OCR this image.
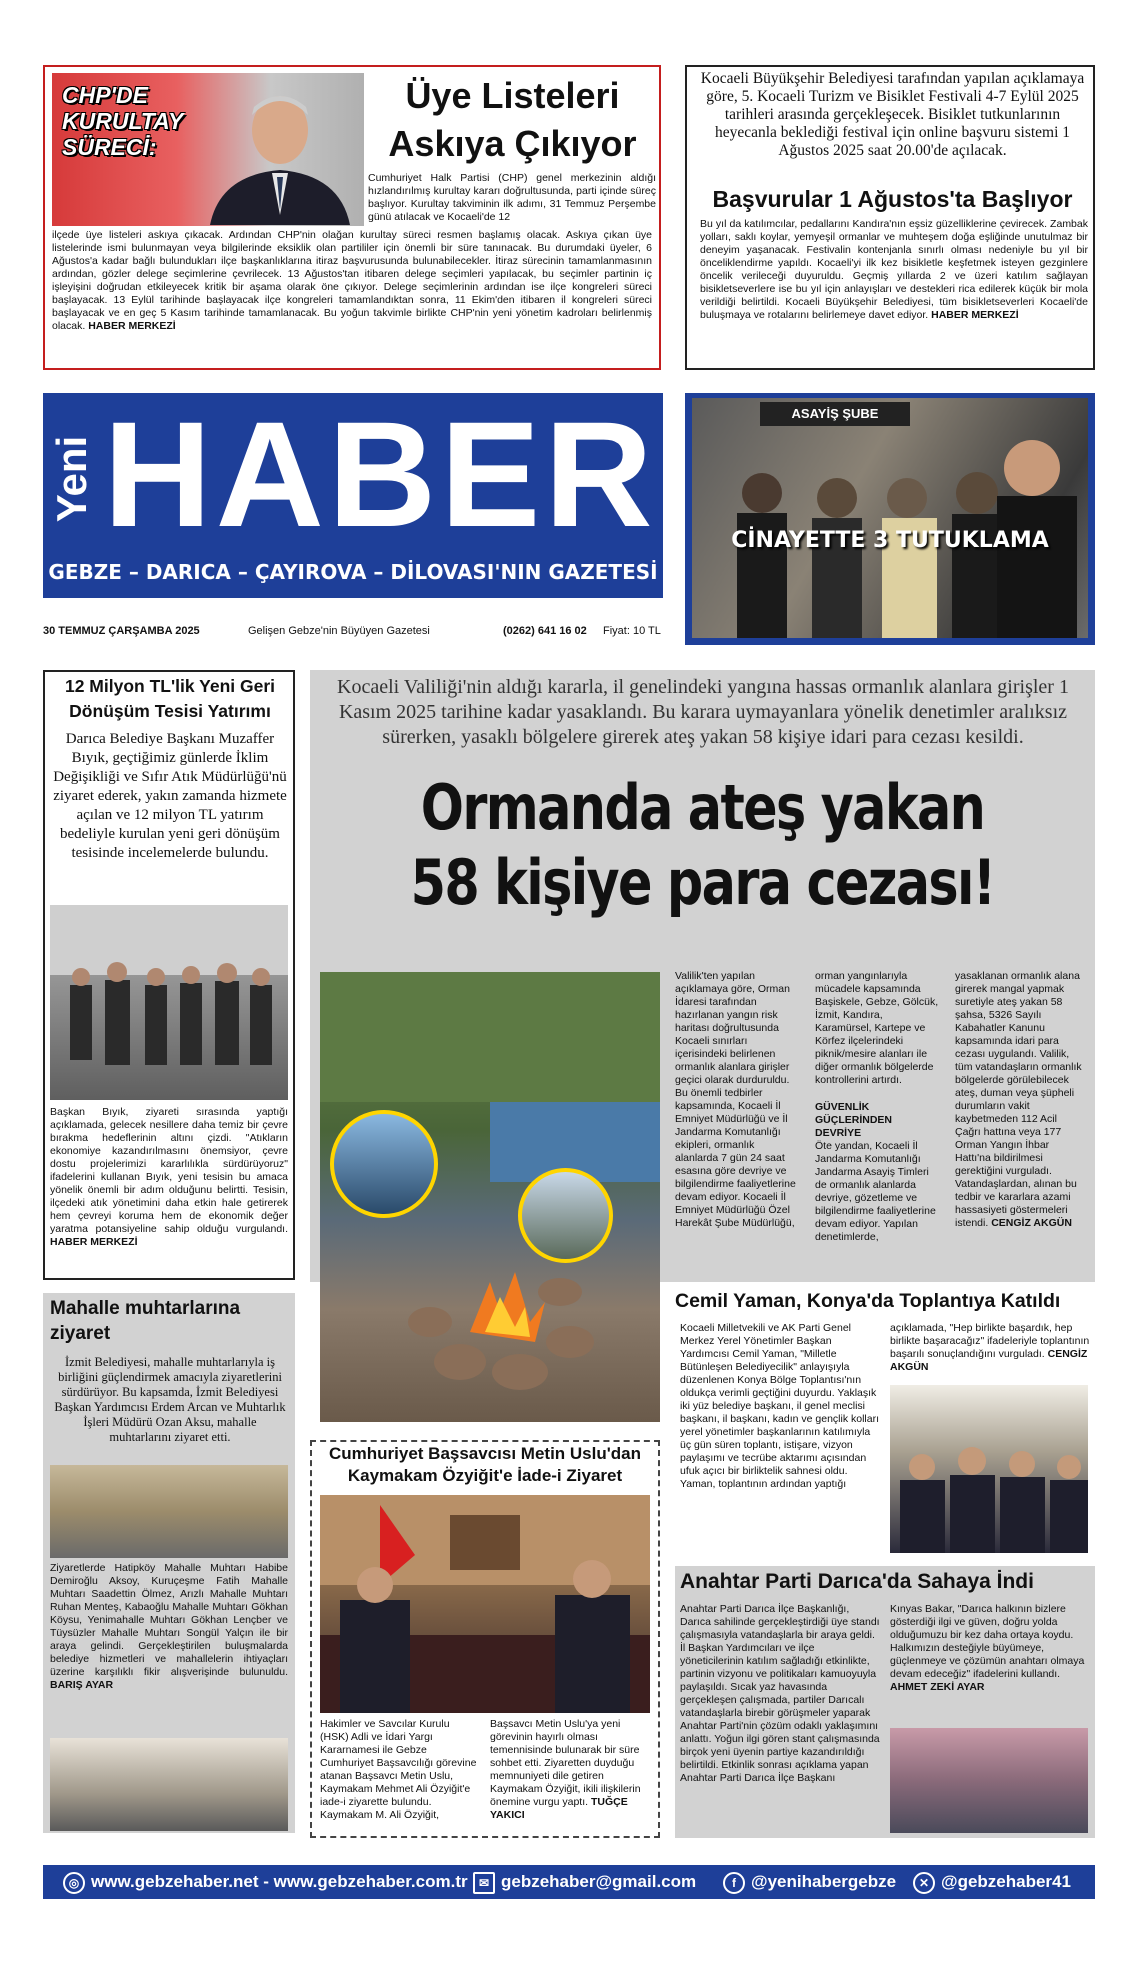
CHP'DE
KURULTAY
SÜRECİ:
Üye Listeleri
Askıya Çıkıyor

Cumhuriyet Halk Partisi (CHP) genel merkezinin aldığı hızlandırılmış kurultay kararı doğrultusunda, parti içinde süreç başlıyor. Kurultay takviminin ilk adımı, 31 Temmuz Perşembe günü atılacak ve Kocaeli'de 12

ilçede üye listeleri askıya çıkacak. Ardından CHP'nin olağan kurultay süreci resmen başlamış olacak. Askıya çıkan üye listelerinde ismi bulunmayan veya bilgilerinde eksiklik olan partililer için önemli bir süre tanınacak. Bu durumdaki üyeler, 6 Ağustos'a kadar bağlı bulundukları ilçe başkanlıklarına itiraz başvurusunda bulunabilecekler. İtiraz sürecinin tamamlanmasının ardından, gözler delege seçimlerine çevrilecek. 13 Ağustos'tan itibaren delege seçimleri yapılacak, bu seçimler partinin iç işleyişini doğrudan etkileyecek kritik bir aşama olarak öne çıkıyor. Delege seçimlerinin ardından ise ilçe kongreleri süreci başlayacak. 13 Eylül tarihinde başlayacak ilçe kongreleri tamamlandıktan sonra, 11 Ekim'den itibaren il kongreleri süreci başlayacak ve en geç 5 Kasım tarihinde tamamlanacak. Bu yoğun takvimle birlikte CHP'nin yeni yönetim kadroları belirlenmiş olacak. HABER MERKEZİ

Kocaeli Büyükşehir Belediyesi tarafından yapılan açıklamaya göre, 5. Kocaeli Turizm ve Bisiklet Festivali 4-7 Eylül 2025 tarihleri arasında gerçekleşecek. Bisiklet tutkunlarının heyecanla beklediği festival için online başvuru sistemi 1 Ağustos 2025 saat 20.00'de açılacak.

Başvurular 1 Ağustos'ta Başlıyor

Bu yıl da katılımcılar, pedallarını Kandıra'nın eşsiz güzelliklerine çevirecek. Zambak yolları, saklı koylar, yemyeşil ormanlar ve muhteşem doğa eşliğinde unutulmaz bir deneyim yaşanacak. Festivalin kontenjanla sınırlı olması nedeniyle bu yıl bir önceliklendirme yapıldı. Kocaeli'yi ilk kez bisikletle keşfetmek isteyen gezginlere öncelik verileceği duyuruldu. Geçmiş yıllarda 2 ve üzeri katılım sağlayan bisikletseverlere ise bu yıl için anlayışları ve destekleri rica edilerek küçük bir mola verildiği belirtildi. Kocaeli Büyükşehir Belediyesi, tüm bisikletseverleri Kocaeli'de buluşmaya ve rotalarını belirlemeye davet ediyor. HABER MERKEZİ

Yeni HABER
GEBZE – DARICA – ÇAYIROVA – DİLOVASI'NIN GAZETESİ
30 TEMMUZ ÇARŞAMBA 2025	Gelişen Gebze'nin Büyüyen Gazetesi	(0262) 641 16 02 Fiyat: 10 TL
ASAYİŞ ŞUBE
CİNAYETTE 3 TUTUKLAMA
12 Milyon TL'lik Yeni Geri Dönüşüm Tesisi Yatırımı

Darıca Belediye Başkanı Muzaffer Bıyık, geçtiğimiz günlerde İklim Değişikliği ve Sıfır Atık Müdürlüğü'nü ziyaret ederek, yakın zamanda hizmete açılan ve 12 milyon TL yatırım bedeliyle kurulan yeni geri dönüşüm tesisinde incelemelerde bulundu.

Başkan Bıyık, ziyareti sırasında yaptığı açıklamada, gelecek nesillere daha temiz bir çevre bırakma hedeflerinin altını çizdi. "Atıkların ekonomiye kazandırılmasını önemsiyor, çevre dostu projelerimizi kararlılıkla sürdürüyoruz" ifadelerini kullanan Bıyık, yeni tesisin bu amaca yönelik önemli bir adım olduğunu belirtti. Tesisin, ilçedeki atık yönetimini daha etkin hale getirerek hem çevreyi koruma hem de ekonomik değer yaratma potansiyeline sahip olduğu vurgulandı. HABER MERKEZİ

Mahalle muhtarlarına ziyaret

İzmit Belediyesi, mahalle muhtarlarıyla iş birliğini güçlendirmek amacıyla ziyaretlerini sürdürüyor. Bu kapsamda, İzmit Belediyesi Başkan Yardımcısı Erdem Arcan ve Muhtarlık İşleri Müdürü Ozan Aksu, mahalle muhtarlarını ziyaret etti.

Ziyaretlerde Hatipköy Mahalle Muhtarı Habibe Demiroğlu Aksoy, Kuruçeşme Fatih Mahalle Muhtarı Saadettin Ölmez, Arızlı Mahalle Muhtarı Ruhan Menteş, Kabaoğlu Mahalle Muhtarı Gökhan Köysu, Yenimahalle Muhtarı Gökhan Lençber ve Tüysüzler Mahalle Muhtarı Songül Yalçın ile bir araya gelindi. Gerçekleştirilen buluşmalarda belediye hizmetleri ve mahallelerin ihtiyaçları üzerine karşılıklı fikir alışverişinde bulunuldu. BARIŞ AYAR

Kocaeli Valiliği'nin aldığı kararla, il genelindeki yangına hassas ormanlık alanlara girişler 1 Kasım 2025 tarihine kadar yasaklandı. Bu karara uymayanlara yönelik denetimler aralıksız sürerken, yasaklı bölgelere girerek ateş yakan 58 kişiye idari para cezası kesildi.

Ormanda ateş yakan
58 kişiye para cezası!

Valilik'ten yapılan açıklamaya göre, Orman İdaresi tarafından hazırlanan yangın risk haritası doğrultusunda Kocaeli sınırları içerisindeki belirlenen ormanlık alanlara girişler geçici olarak durduruldu. Bu önemli tedbirler kapsamında, Kocaeli İl Emniyet Müdürlüğü ve İl Jandarma Komutanlığı ekipleri, ormanlık alanlarda 7 gün 24 saat esasına göre devriye ve bilgilendirme faaliyetlerine devam ediyor. Kocaeli İl Emniyet Müdürlüğü Özel Harekât Şube Müdürlüğü,

orman yangınlarıyla mücadele kapsamında Başiskele, Gebze, Gölcük, İzmit, Kandıra, Karamürsel, Kartepe ve Körfez ilçelerindeki piknik/mesire alanları ile diğer ormanlık bölgelerde kontrollerini artırdı.

GÜVENLİK GÜÇLERİNDEN DEVRİYE

Öte yandan, Kocaeli İl Jandarma Komutanlığı Jandarma Asayiş Timleri de ormanlık alanlarda devriye, gözetleme ve bilgilendirme faaliyetlerine devam ediyor. Yapılan denetimlerde,

yasaklanan ormanlık alana girerek mangal yapmak suretiyle ateş yakan 58 şahsa, 5326 Sayılı Kabahatler Kanunu kapsamında idari para cezası uygulandı. Valilik, tüm vatandaşların ormanlık bölgelerde görülebilecek ateş, duman veya şüpheli durumların vakit kaybetmeden 112 Acil Çağrı hattına veya 177 Orman Yangın İhbar Hattı'na bildirilmesi gerektiğini vurguladı. Vatandaşlardan, alınan bu tedbir ve kararlara azami hassasiyeti göstermeleri istendi. CENGİZ AKGÜN

Cemil Yaman, Konya'da Toplantıya Katıldı

Kocaeli Milletvekili ve AK Parti Genel Merkez Yerel Yönetimler Başkan Yardımcısı Cemil Yaman, "Milletle Bütünleşen Belediyecilik" anlayışıyla düzenlenen Konya Bölge Toplantısı'nın oldukça verimli geçtiğini duyurdu. Yaklaşık iki yüz belediye başkanı, il genel meclisi başkanı, il başkanı, kadın ve gençlik kolları yerel yönetimler başkanlarının katılımıyla üç gün süren toplantı, istişare, vizyon paylaşımı ve tecrübe aktarımı açısından ufuk açıcı bir birliktelik sahnesi oldu. Yaman, toplantının ardından yaptığı

açıklamada, "Hep birlikte başardık, hep birlikte başaracağız" ifadeleriyle toplantının başarılı sonuçlandığını vurguladı. CENGİZ AKGÜN

Cumhuriyet Başsavcısı Metin Uslu'dan Kaymakam Özyiğit'e İade-i Ziyaret

Hakimler ve Savcılar Kurulu (HSK) Adli ve İdari Yargı Kararnamesi ile Gebze Cumhuriyet Başsavcılığı görevine atanan Başsavcı Metin Uslu, Kaymakam Mehmet Ali Özyiğit'e iade-i ziyarette bulundu. Kaymakam M. Ali Özyiğit,

Başsavcı Metin Uslu'ya yeni görevinin hayırlı olması temennisinde bulunarak bir süre sohbet etti. Ziyaretten duyduğu memnuniyeti dile getiren Kaymakam Özyiğit, ikili ilişkilerin önemine vurgu yaptı. TUĞÇE YAKICI

Anahtar Parti Darıca'da Sahaya İndi

Anahtar Parti Darıca İlçe Başkanlığı, Darıca sahilinde gerçekleştirdiği üye standı çalışmasıyla vatandaşlarla bir araya geldi. İl Başkan Yardımcıları ve ilçe yöneticilerinin katılım sağladığı etkinlikte, partinin vizyonu ve politikaları kamuoyuyla paylaşıldı. Sıcak yaz havasında gerçekleşen çalışmada, partiler Darıcalı vatandaşlarla birebir görüşmeler yaparak Anahtar Parti'nin çözüm odaklı yaklaşımını anlattı. Yoğun ilgi gören stant çalışmasında birçok yeni üyenin partiye kazandırıldığı belirtildi. Etkinlik sonrası açıklama yapan Anahtar Parti Darıca İlçe Başkanı

Kınyas Bakar, "Darıca halkının bizlere gösterdiği ilgi ve güven, doğru yolda olduğumuzu bir kez daha ortaya koydu. Halkımızın desteğiyle büyümeye, güçlenmeye ve çözümün anahtarı olmaya devam edeceğiz" ifadelerini kullandı. AHMET ZEKİ AYAR

◎ www.gebzehaber.net - www.gebzehaber.com.tr ✉ gebzehaber@gmail.com	f @yenihabergebze	✕ @gebzehaber41
